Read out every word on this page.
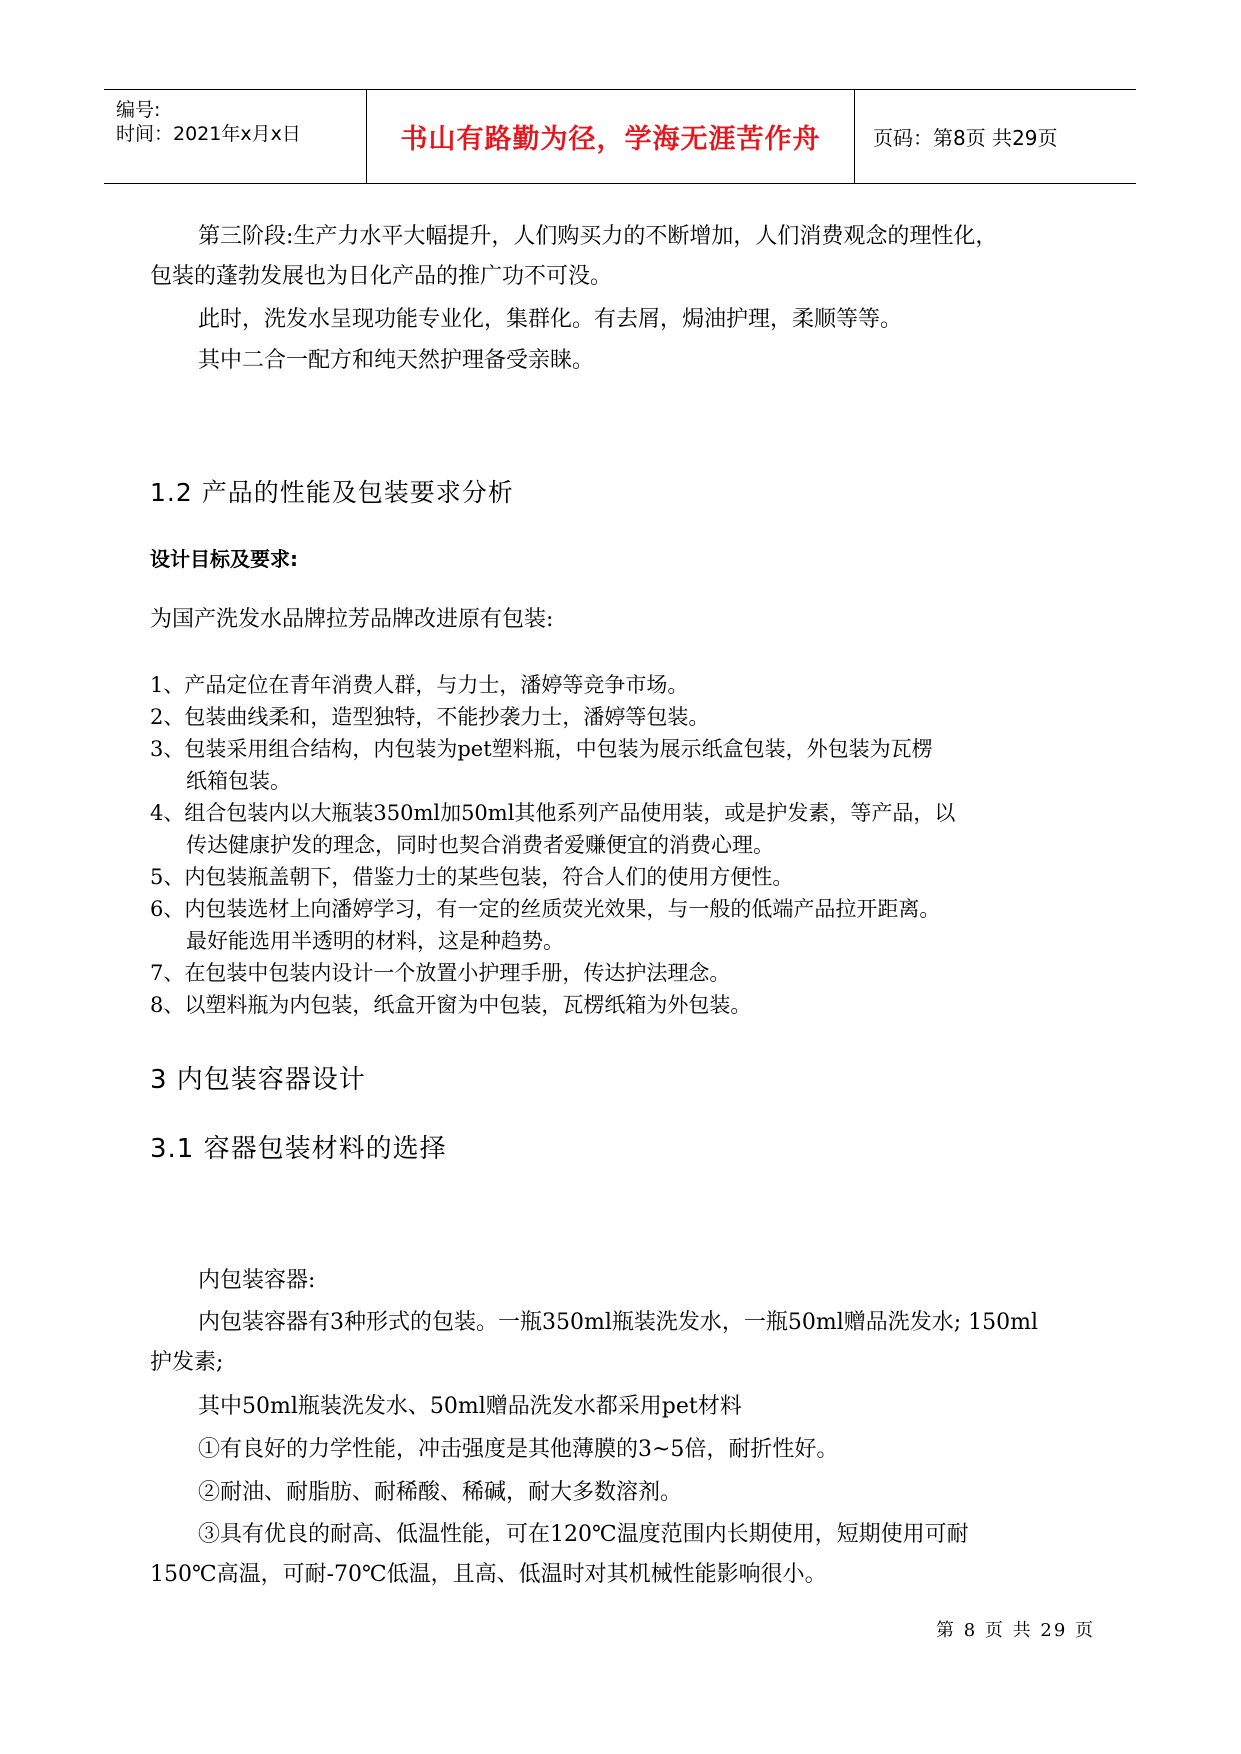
编号:
时间：2021年x月x日	书山有路勤为径，学海无涯苦作舟	页码：第8页 共29页
第三阶段:生产力水平大幅提升，人们购买力的不断增加，人们消费观念的理性化，
包装的蓬勃发展也为日化产品的推广功不可没。
此时，洗发水呈现功能专业化，集群化。有去屑，焗油护理，柔顺等等。
其中二合一配方和纯天然护理备受亲睐。
1.2 产品的性能及包装要求分析
设计目标及要求:
为国产洗发水品牌拉芳品牌改进原有包装:
1、产品定位在青年消费人群，与力士，潘婷等竞争市场。
2、包装曲线柔和，造型独特，不能抄袭力士，潘婷等包装。
3、包装采用组合结构，内包装为pet塑料瓶，中包装为展示纸盒包装，外包装为瓦楞
纸箱包装。
4、组合包装内以大瓶装350ml加50ml其他系列产品使用装，或是护发素，等产品，以
传达健康护发的理念，同时也契合消费者爱赚便宜的消费心理。
5、内包装瓶盖朝下，借鉴力士的某些包装，符合人们的使用方便性。
6、内包装选材上向潘婷学习，有一定的丝质荧光效果，与一般的低端产品拉开距离。
最好能选用半透明的材料，这是种趋势。
7、在包装中包装内设计一个放置小护理手册，传达护法理念。
8、以塑料瓶为内包装，纸盒开窗为中包装，瓦楞纸箱为外包装。
3 内包装容器设计
3.1 容器包装材料的选择
内包装容器:
内包装容器有3种形式的包装。一瓶350ml瓶装洗发水，一瓶50ml赠品洗发水; 150ml
护发素;
其中50ml瓶装洗发水、50ml赠品洗发水都采用pet材料
①有良好的力学性能，冲击强度是其他薄膜的3~5倍，耐折性好。
②耐油、耐脂肪、耐稀酸、稀碱，耐大多数溶剂。
③具有优良的耐高、低温性能，可在120℃温度范围内长期使用，短期使用可耐
150℃高温，可耐-70℃低温，且高、低温时对其机械性能影响很小。
第 8 页 共 29 页
